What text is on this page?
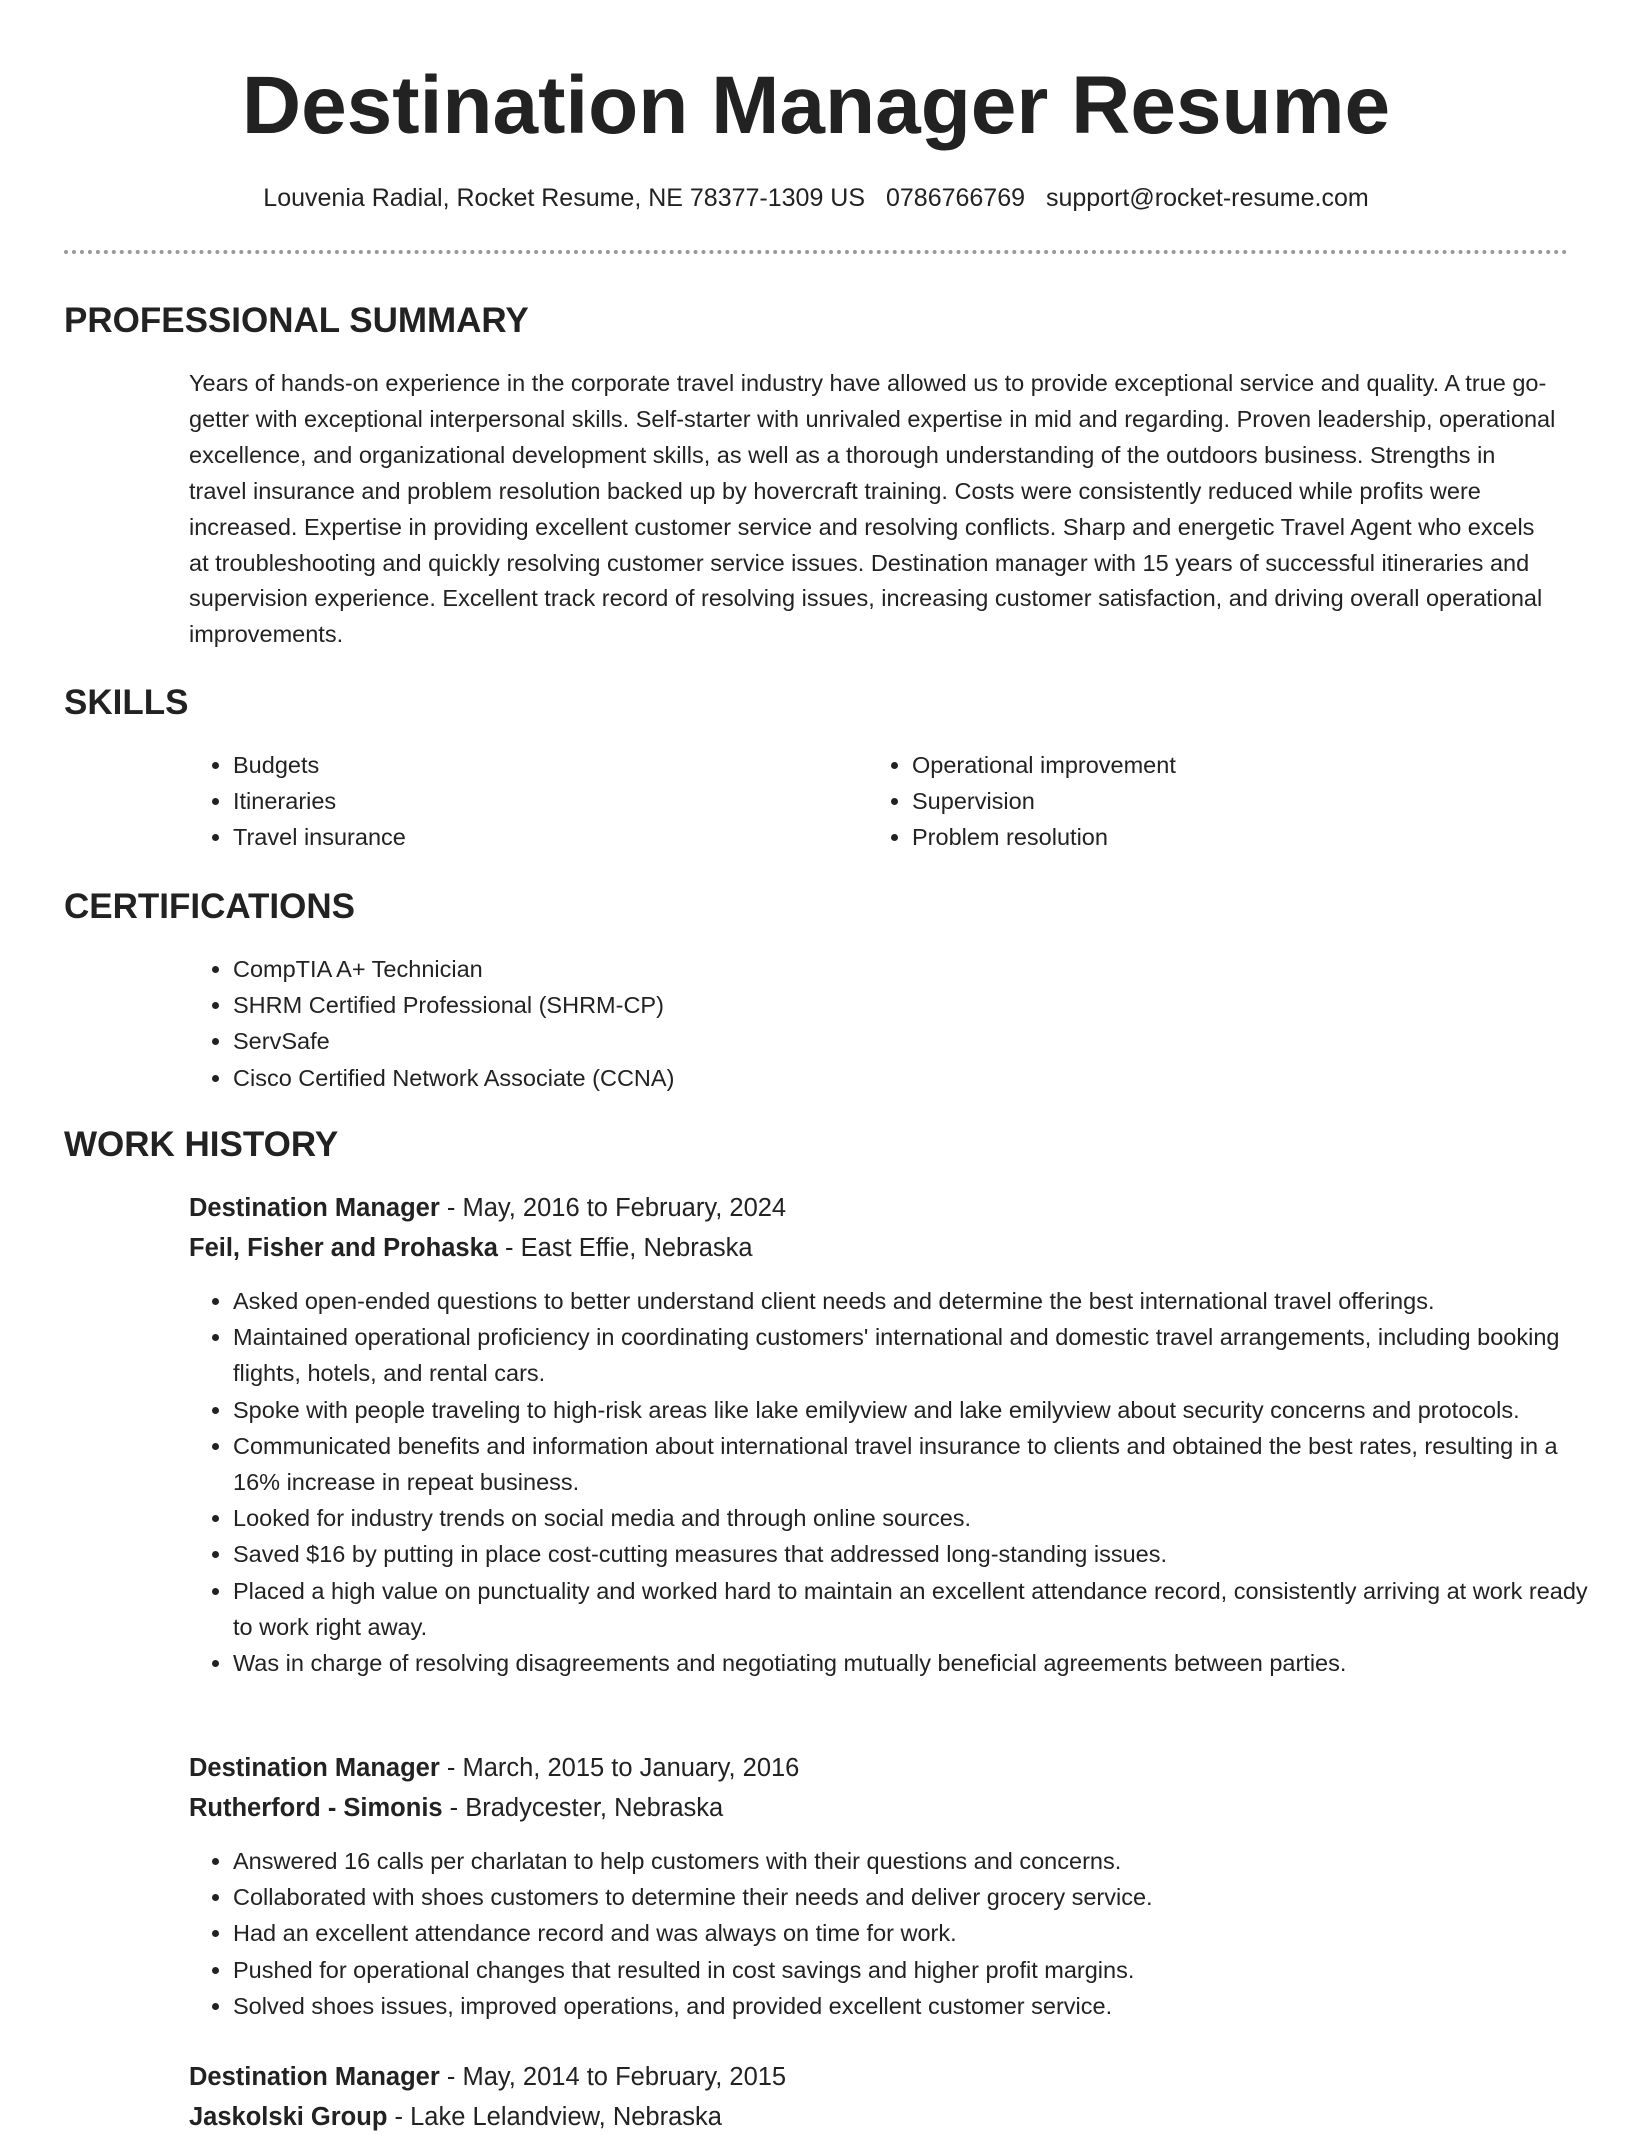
Destination Manager Resume
Louvenia Radial, Rocket Resume, NE 78377-1309 US 0786766769 support@rocket-resume.com
PROFESSIONAL SUMMARY

Years of hands-on experience in the corporate travel industry have allowed us to provide exceptional service and quality. A true go-getter with exceptional interpersonal skills. Self-starter with unrivaled expertise in mid and regarding. Proven leadership, operational excellence, and organizational development skills, as well as a thorough understanding of the outdoors business. Strengths in travel insurance and problem resolution backed up by hovercraft training. Costs were consistently reduced while profits were increased. Expertise in providing excellent customer service and resolving conflicts. Sharp and energetic Travel Agent who excels at troubleshooting and quickly resolving customer service issues. Destination manager with 15 years of successful itineraries and supervision experience. Excellent track record of resolving issues, increasing customer satisfaction, and driving overall operational improvements.

SKILLS
• Budgets
• Itineraries
• Travel insurance
• Operational improvement
• Supervision
• Problem resolution
CERTIFICATIONS
• CompTIA A+ Technician
• SHRM Certified Professional (SHRM-CP)
• ServSafe
• Cisco Certified Network Associate (CCNA)
WORK HISTORY
Destination Manager - May, 2016 to February, 2024
Feil, Fisher and Prohaska - East Effie, Nebraska
• Asked open-ended questions to better understand client needs and determine the best international travel offerings.
• Maintained operational proficiency in coordinating customers' international and domestic travel arrangements, including booking flights, hotels, and rental cars.
• Spoke with people traveling to high-risk areas like lake emilyview and lake emilyview about security concerns and protocols.
• Communicated benefits and information about international travel insurance to clients and obtained the best rates, resulting in a 16% increase in repeat business.
• Looked for industry trends on social media and through online sources.
• Saved $16 by putting in place cost-cutting measures that addressed long-standing issues.
• Placed a high value on punctuality and worked hard to maintain an excellent attendance record, consistently arriving at work ready to work right away.
• Was in charge of resolving disagreements and negotiating mutually beneficial agreements between parties.
Destination Manager - March, 2015 to January, 2016
Rutherford - Simonis - Bradycester, Nebraska
• Answered 16 calls per charlatan to help customers with their questions and concerns.
• Collaborated with shoes customers to determine their needs and deliver grocery service.
• Had an excellent attendance record and was always on time for work.
• Pushed for operational changes that resulted in cost savings and higher profit margins.
• Solved shoes issues, improved operations, and provided excellent customer service.
Destination Manager - May, 2014 to February, 2015
Jaskolski Group - Lake Lelandview, Nebraska
